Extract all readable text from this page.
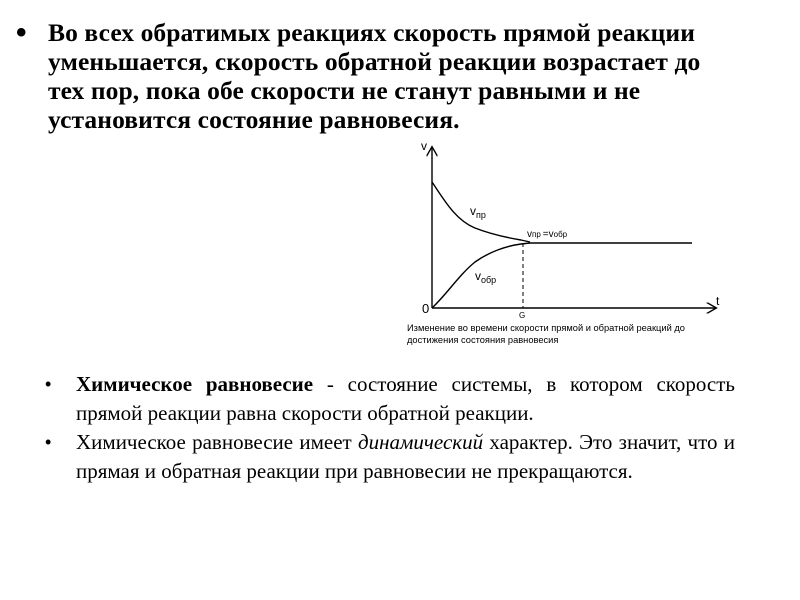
• Во всех обратимых реакциях скорость прямой реакции уменьшается, скорость обратной реакции возрастает до тех пор, пока обе скорости не станут равными и не установится состояние равновесия.
v
t
0	G
$v_{пр}$
$v_{обр}$
vпр =vобр
Изменение во времени скорости прямой и обратной реакций до
достижения состояния равновесия
• Химическое равновесие - состояние системы, в котором скорость прямой реакции равна скорости обратной реакции.
• Химическое равновесие имеет динамический характер. Это значит, что и прямая и обратная реакции при равновесии не прекращаются.
